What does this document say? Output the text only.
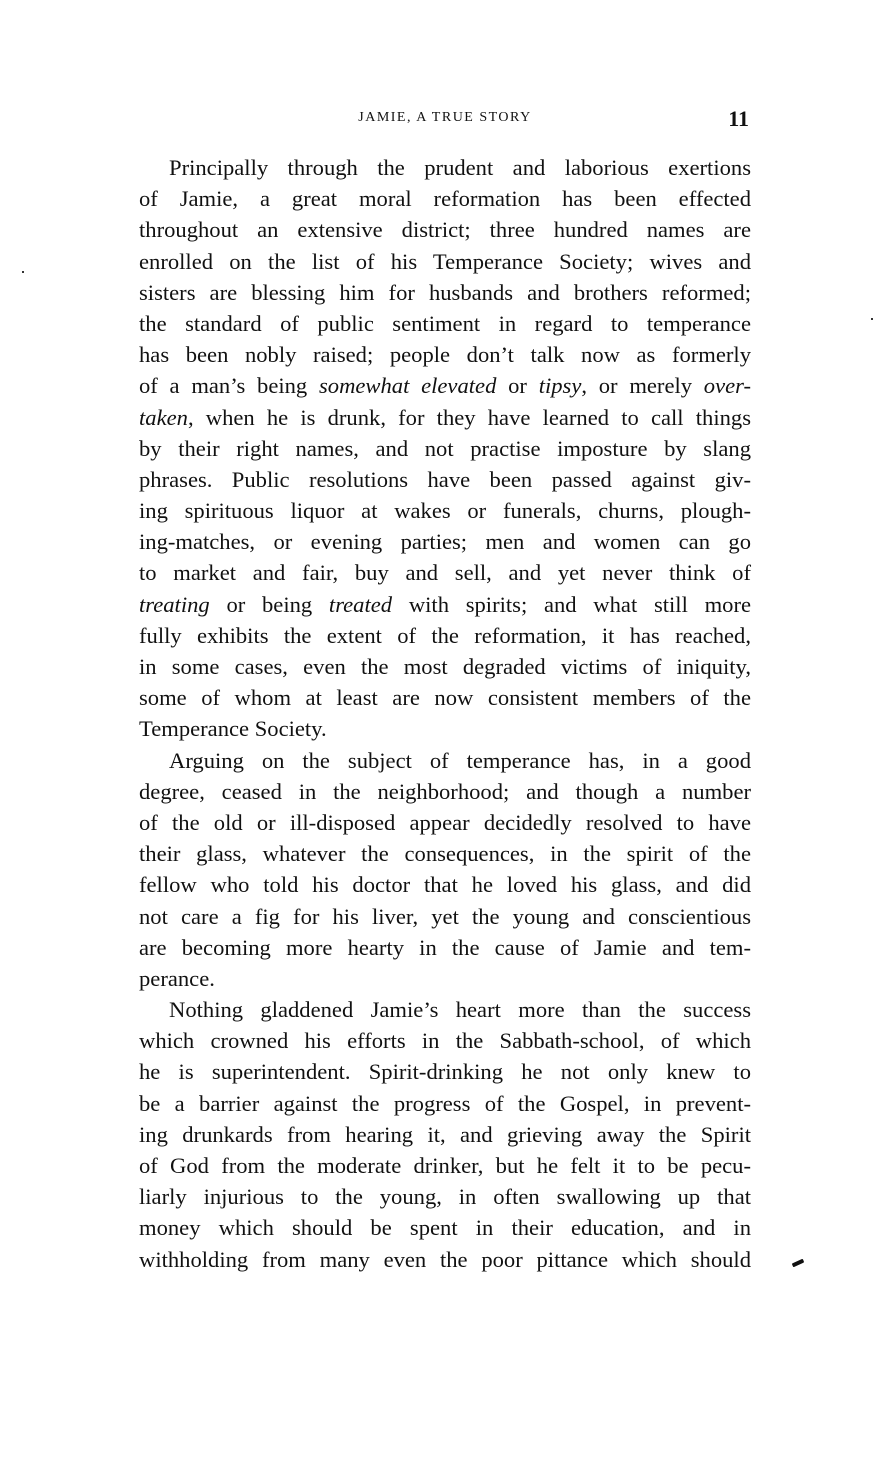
JAMIE, A TRUE STORY	11
Principally through the prudent and laborious exertions
of Jamie, a great moral reformation has been effected
throughout an extensive district; three hundred names are
enrolled on the list of his Temperance Society; wives and
sisters are blessing him for husbands and brothers reformed;
the standard of public sentiment in regard to temperance
has been nobly raised; people don’t talk now as formerly
of a man’s being somewhat elevated or tipsy, or merely over-
taken, when he is drunk, for they have learned to call things
by their right names, and not practise imposture by slang
phrases. Public resolutions have been passed against giv-
ing spirituous liquor at wakes or funerals, churns, plough-
ing-matches, or evening parties; men and women can go
to market and fair, buy and sell, and yet never think of
treating or being treated with spirits; and what still more
fully exhibits the extent of the reformation, it has reached,
in some cases, even the most degraded victims of iniquity,
some of whom at least are now consistent members of the
Temperance Society.
Arguing on the subject of temperance has, in a good
degree, ceased in the neighborhood; and though a number
of the old or ill-disposed appear decidedly resolved to have
their glass, whatever the consequences, in the spirit of the
fellow who told his doctor that he loved his glass, and did
not care a fig for his liver, yet the young and conscientious
are becoming more hearty in the cause of Jamie and tem-
perance.
Nothing gladdened Jamie’s heart more than the success
which crowned his efforts in the Sabbath-school, of which
he is superintendent. Spirit-drinking he not only knew to
be a barrier against the progress of the Gospel, in prevent-
ing drunkards from hearing it, and grieving away the Spirit
of God from the moderate drinker, but he felt it to be pecu-
liarly injurious to the young, in often swallowing up that
money which should be spent in their education, and in
withholding from many even the poor pittance which should
